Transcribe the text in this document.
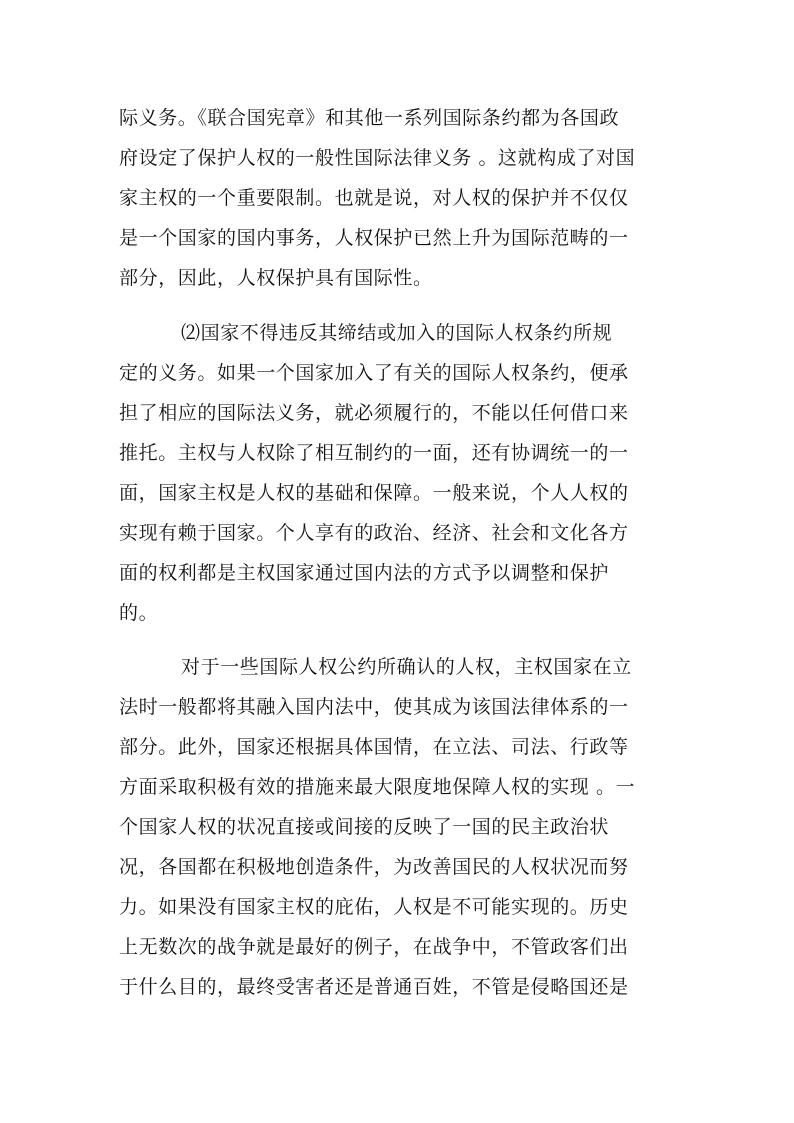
际义务。《联合国宪章》和其他一系列国际条约都为各国政
府设定了保护人权的一般性国际法律义务 。这就构成了对国
家主权的一个重要限制。也就是说，对人权的保护并不仅仅
是一个国家的国内事务，人权保护已然上升为国际范畴的一
部分，因此，人权保护具有国际性。
⑵国家不得违反其缔结或加入的国际人权条约所规
定的义务。如果一个国家加入了有关的国际人权条约，便承
担了相应的国际法义务，就必须履行的，不能以任何借口来
推托。主权与人权除了相互制约的一面，还有协调统一的一
面，国家主权是人权的基础和保障。一般来说，个人人权的
实现有赖于国家。个人享有的政治、经济、社会和文化各方
面的权利都是主权国家通过国内法的方式予以调整和保护
的。
对于一些国际人权公约所确认的人权，主权国家在立
法时一般都将其融入国内法中，使其成为该国法律体系的一
部分。此外，国家还根据具体国情，在立法、司法、行政等
方面采取积极有效的措施来最大限度地保障人权的实现 。一
个国家人权的状况直接或间接的反映了一国的民主政治状
况，各国都在积极地创造条件，为改善国民的人权状况而努
力。如果没有国家主权的庇佑，人权是不可能实现的。历史
上无数次的战争就是最好的例子，在战争中，不管政客们出
于什么目的，最终受害者还是普通百姓，不管是侵略国还是
